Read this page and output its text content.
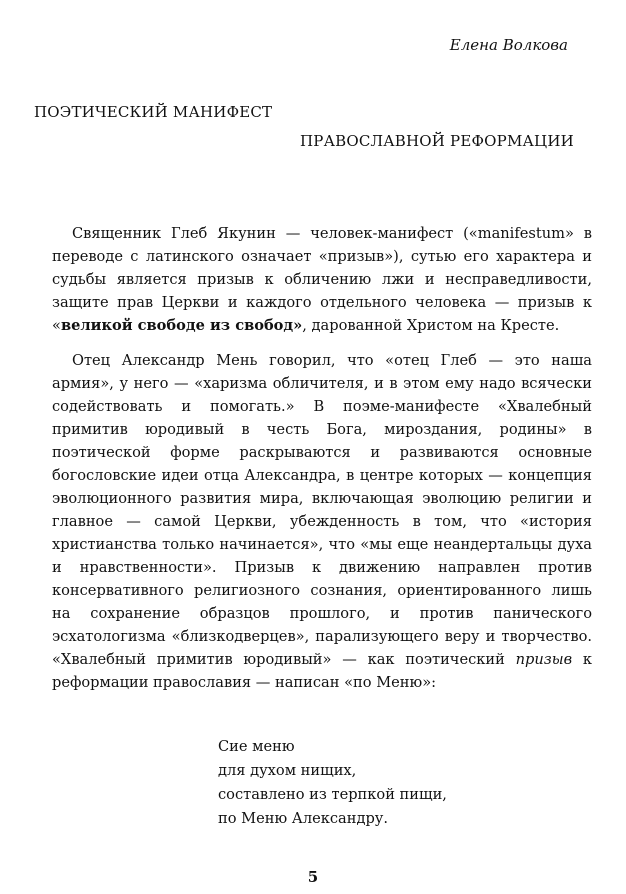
Елена Волкова

ПОЭТИЧЕСКИЙ МАНИФЕСТ
ПРАВОСЛАВНОЙ РЕФОРМАЦИИ

Священник Глеб Якунин — человек-манифест («manifestum» в переводе с латинского означает «призыв»), сутью его характера и судьбы является призыв к обличению лжи и несправедливости, защите прав Церкви и каждого отдельного человека — призыв к «великой свободе из свобод», дарованной Христом на Кресте.

Отец Александр Мень говорил, что «отец Глеб — это наша армия», у него — «харизма обличителя, и в этом ему надо всячески содействовать и помогать.» В поэме-манифесте «Хвалебный примитив юродивый в честь Бога, мироздания, родины» в поэтической форме раскрываются и развиваются основные богословские идеи отца Александра, в центре которых — концепция эволюционного развития мира, включающая эволюцию религии и главное — самой Церкви, убежденность в том, что «история христианства только начинается», что «мы еще неандертальцы духа и нравственности». Призыв к движению направлен против консервативного религиозного сознания, ориентированного лишь на сохранение образцов прошлого, и против панического эсхатологизма «близкодверцев», парализующего веру и творчество. «Хвалебный примитив юродивый» — как поэтический призыв к реформации православия — написан «по Меню»:

Сие меню
для духом нищих,
составлено из терпкой пищи,
по Меню Александру.
5
